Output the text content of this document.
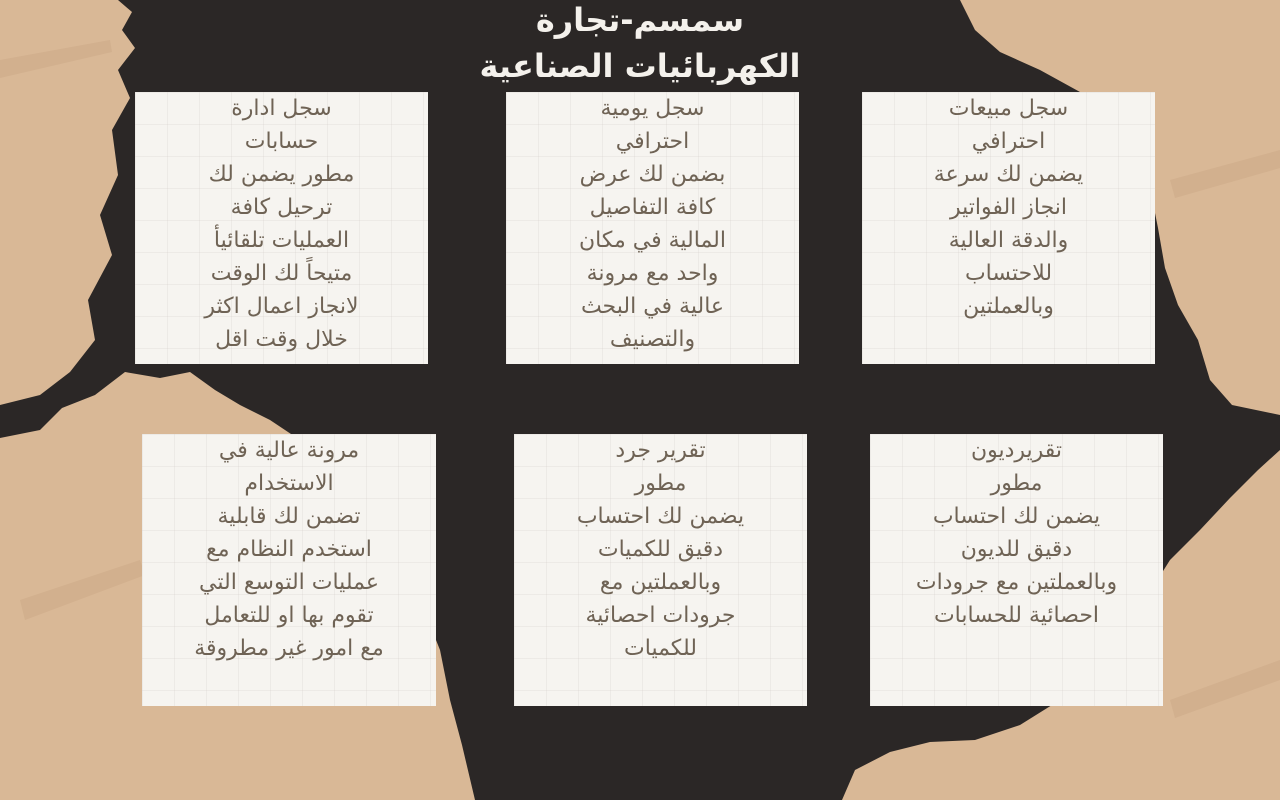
سمسم-تجارة
الكهربائيات الصناعية
سجل ادارة
حسابات
مطور يضمن لك
ترحيل كافة
العمليات تلقائيأ
متيحاً لك الوقت
لانجاز اعمال اكثر
خلال وقت اقل
سجل يومية
احترافي
بضمن لك عرض
كافة التفاصيل
المالية في مكان
واحد مع مرونة
عالية في البحث
والتصنيف
سجل مبيعات
احترافي
يضمن لك سرعة
انجاز الفواتير
والدقة العالية
للاحتساب
وبالعملتين
مرونة عالية في
الاستخدام
تضمن لك قابلية
استخدم النظام مع
عمليات التوسع التي
تقوم بها او للتعامل
مع امور غير مطروقة
تقرير جرد
مطور
يضمن لك احتساب
دقيق للكميات
وبالعملتين مع
جرودات احصائية
للكميات
تقريرديون
مطور
يضمن لك احتساب
دقيق للديون
وبالعملتين مع جرودات
احصائية للحسابات
